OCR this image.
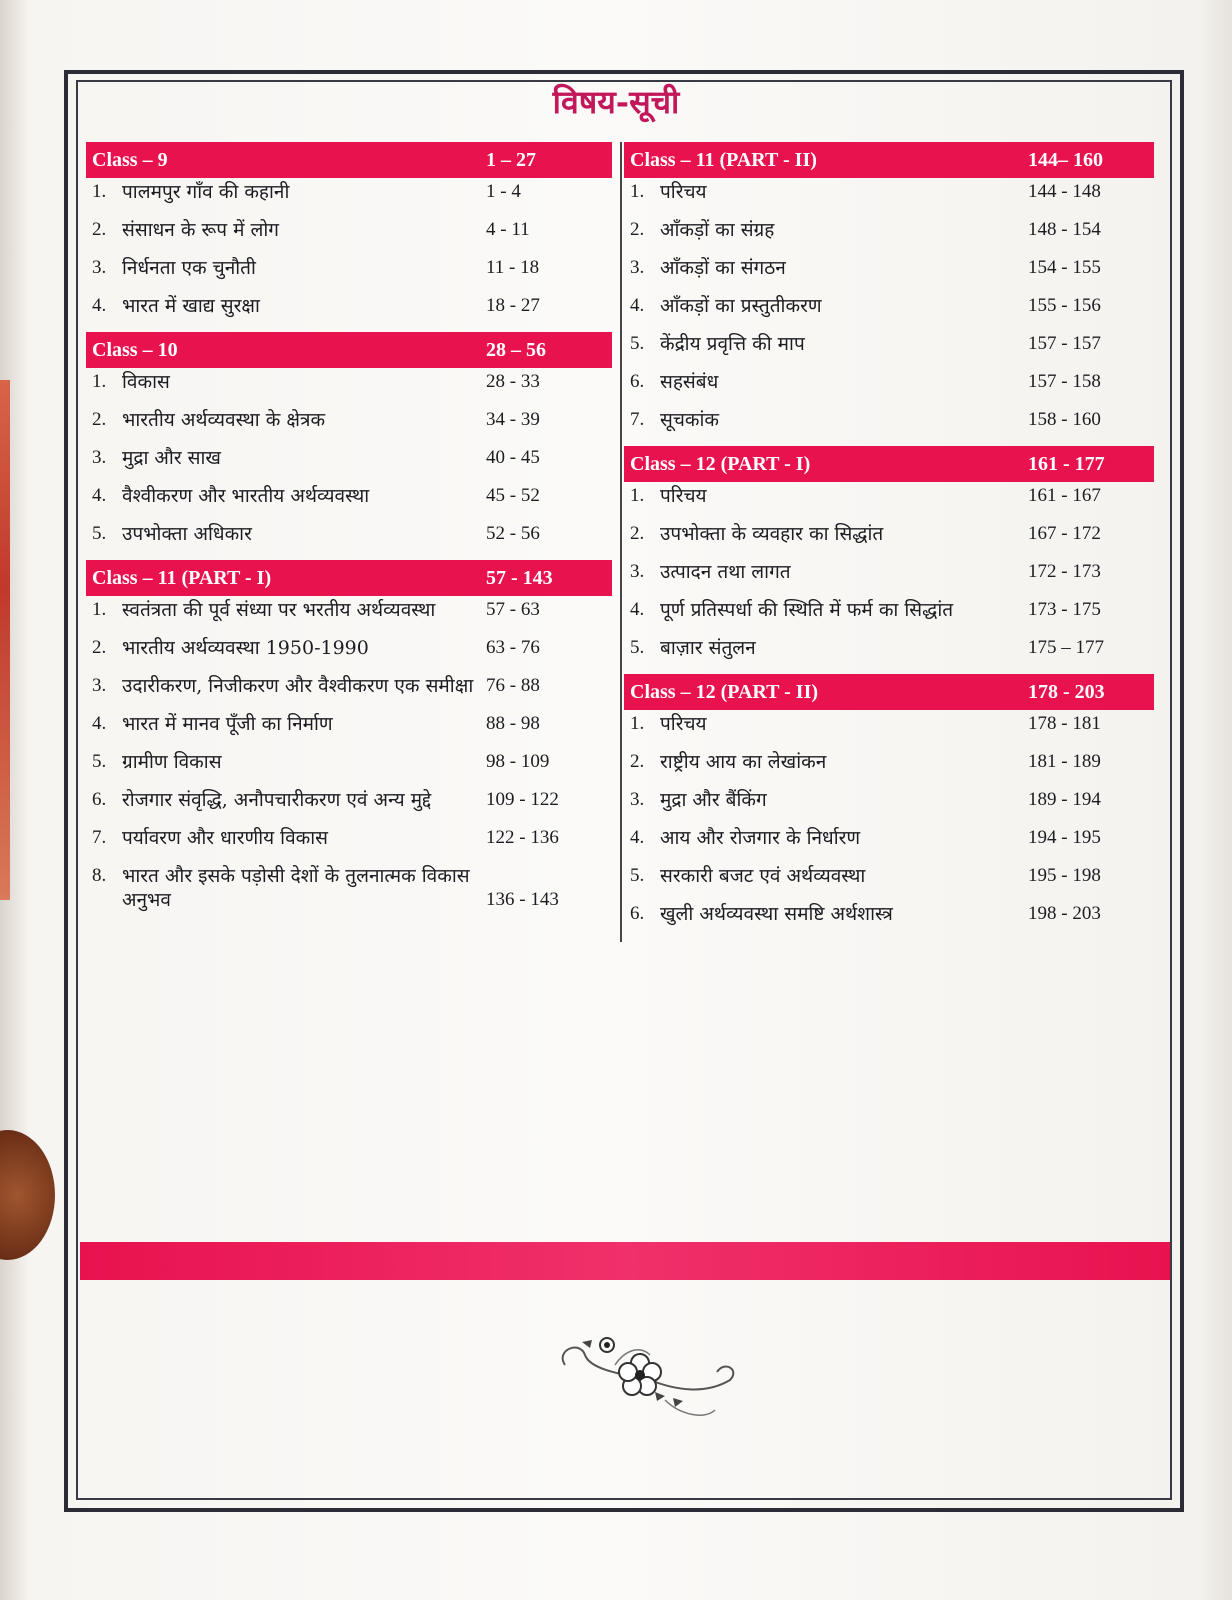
विषय-सूची
Class – 9	1 – 27
1. पालमपुर गाँव की कहानी	1 - 4
2. संसाधन के रूप में लोग	4 - 11
3. निर्धनता एक चुनौती	11 - 18
4. भारत में खाद्य सुरक्षा	18 - 27
Class – 10	28 – 56
1. विकास	28 - 33
2. भारतीय अर्थव्यवस्था के क्षेत्रक	34 - 39
3. मुद्रा और साख	40 - 45
4. वैश्वीकरण और भारतीय अर्थव्यवस्था	45 - 52
5. उपभोक्ता अधिकार	52 - 56
Class – 11 (PART - I)	57 - 143
1. स्वतंत्रता की पूर्व संध्या पर भरतीय अर्थव्यवस्था	57 - 63
2. भारतीय अर्थव्यवस्था 1950-1990	63 - 76
3. उदारीकरण, निजीकरण और वैश्वीकरण एक समीक्षा 76 - 88
4. भारत में मानव पूँजी का निर्माण	88 - 98
5. ग्रामीण विकास	98 - 109
6. रोजगार संवृद्धि, अनौपचारीकरण एवं अन्य मुद्दे	109 - 122
7. पर्यावरण और धारणीय विकास	122 - 136
8. भारत और इसके पड़ोसी देशों के तुलनात्मक विकास अनुभव	136 - 143
Class – 11 (PART - II)	144– 160
1. परिचय	144 - 148
2. आँकड़ों का संग्रह	148 - 154
3. आँकड़ों का संगठन	154 - 155
4. आँकड़ों का प्रस्तुतीकरण	155 - 156
5. केंद्रीय प्रवृत्ति की माप	157 - 157
6. सहसंबंध	157 - 158
7. सूचकांक	158 - 160
Class – 12 (PART - I)	161 - 177
1. परिचय	161 - 167
2. उपभोक्ता के व्यवहार का सिद्धांत	167 - 172
3. उत्पादन तथा लागत	172 - 173
4. पूर्ण प्रतिस्पर्धा की स्थिति में फर्म का सिद्धांत	173 - 175
5. बाज़ार संतुलन	175 – 177
Class – 12 (PART - II)	178 - 203
1. परिचय	178 - 181
2. राष्ट्रीय आय का लेखांकन	181 - 189
3. मुद्रा और बैंकिंग	189 - 194
4. आय और रोजगार के निर्धारण	194 - 195
5. सरकारी बजट एवं अर्थव्यवस्था	195 - 198
6. खुली अर्थव्यवस्था समष्टि अर्थशास्त्र	198 - 203
